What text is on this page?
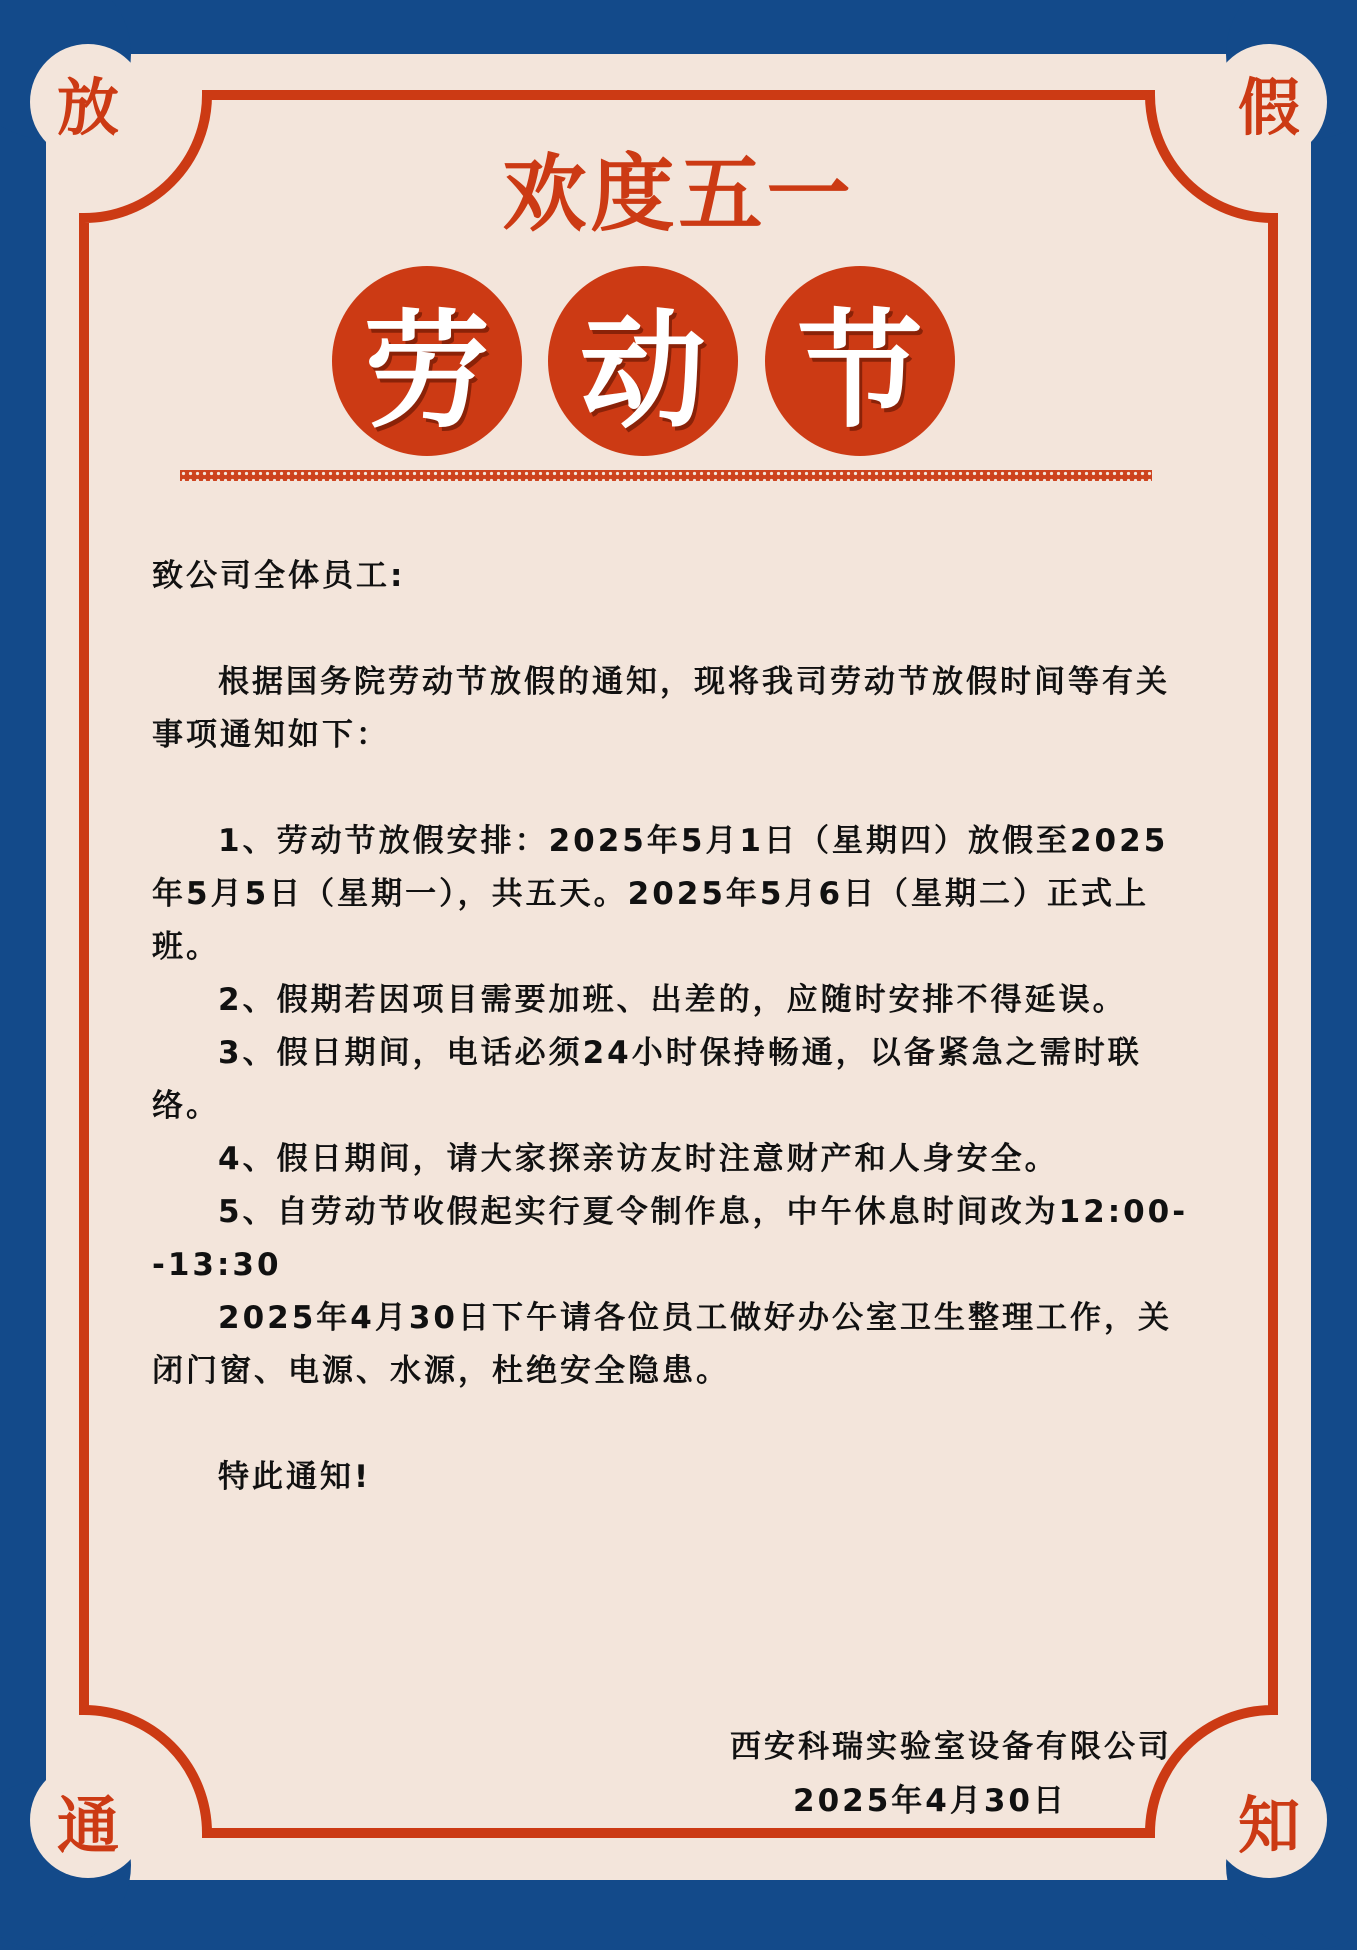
放	假
通	知
欢度五一
劳 动 节

致公司全体员工:

根据国务院劳动节放假的通知，现将我司劳动节放假时间等有关事项通知如下：

1、劳动节放假安排：2025年5月1日（星期四）放假至2025年5月5日（星期一），共五天。2025年5月6日（星期二）正式上班。

2、假期若因项目需要加班、出差的，应随时安排不得延误。

3、假日期间，电话必须24小时保持畅通，以备紧急之需时联络。

4、假日期间，请大家探亲访友时注意财产和人身安全。

5、自劳动节收假起实行夏令制作息，中午休息时间改为12:00--13:30

2025年4月30日下午请各位员工做好办公室卫生整理工作，关闭门窗、电源、水源，杜绝安全隐患。

特此通知!

西安科瑞实验室设备有限公司
2025年4月30日
